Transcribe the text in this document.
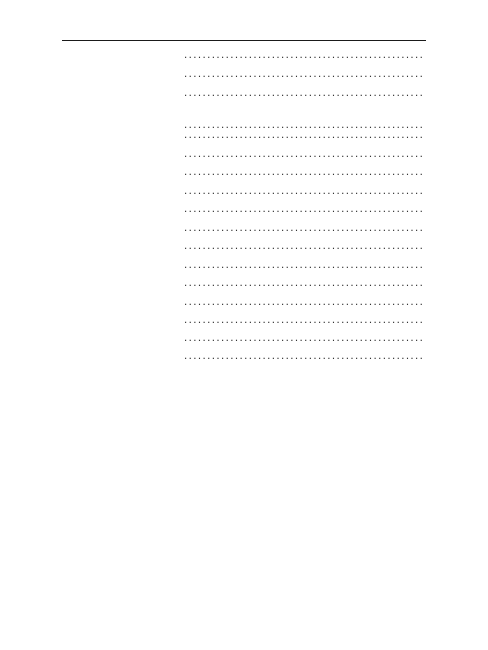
.....
.....
.....
.....
.....
.....
.....
.....
.....
.....
.....
.....
.....
.....
.....
.....
.....
